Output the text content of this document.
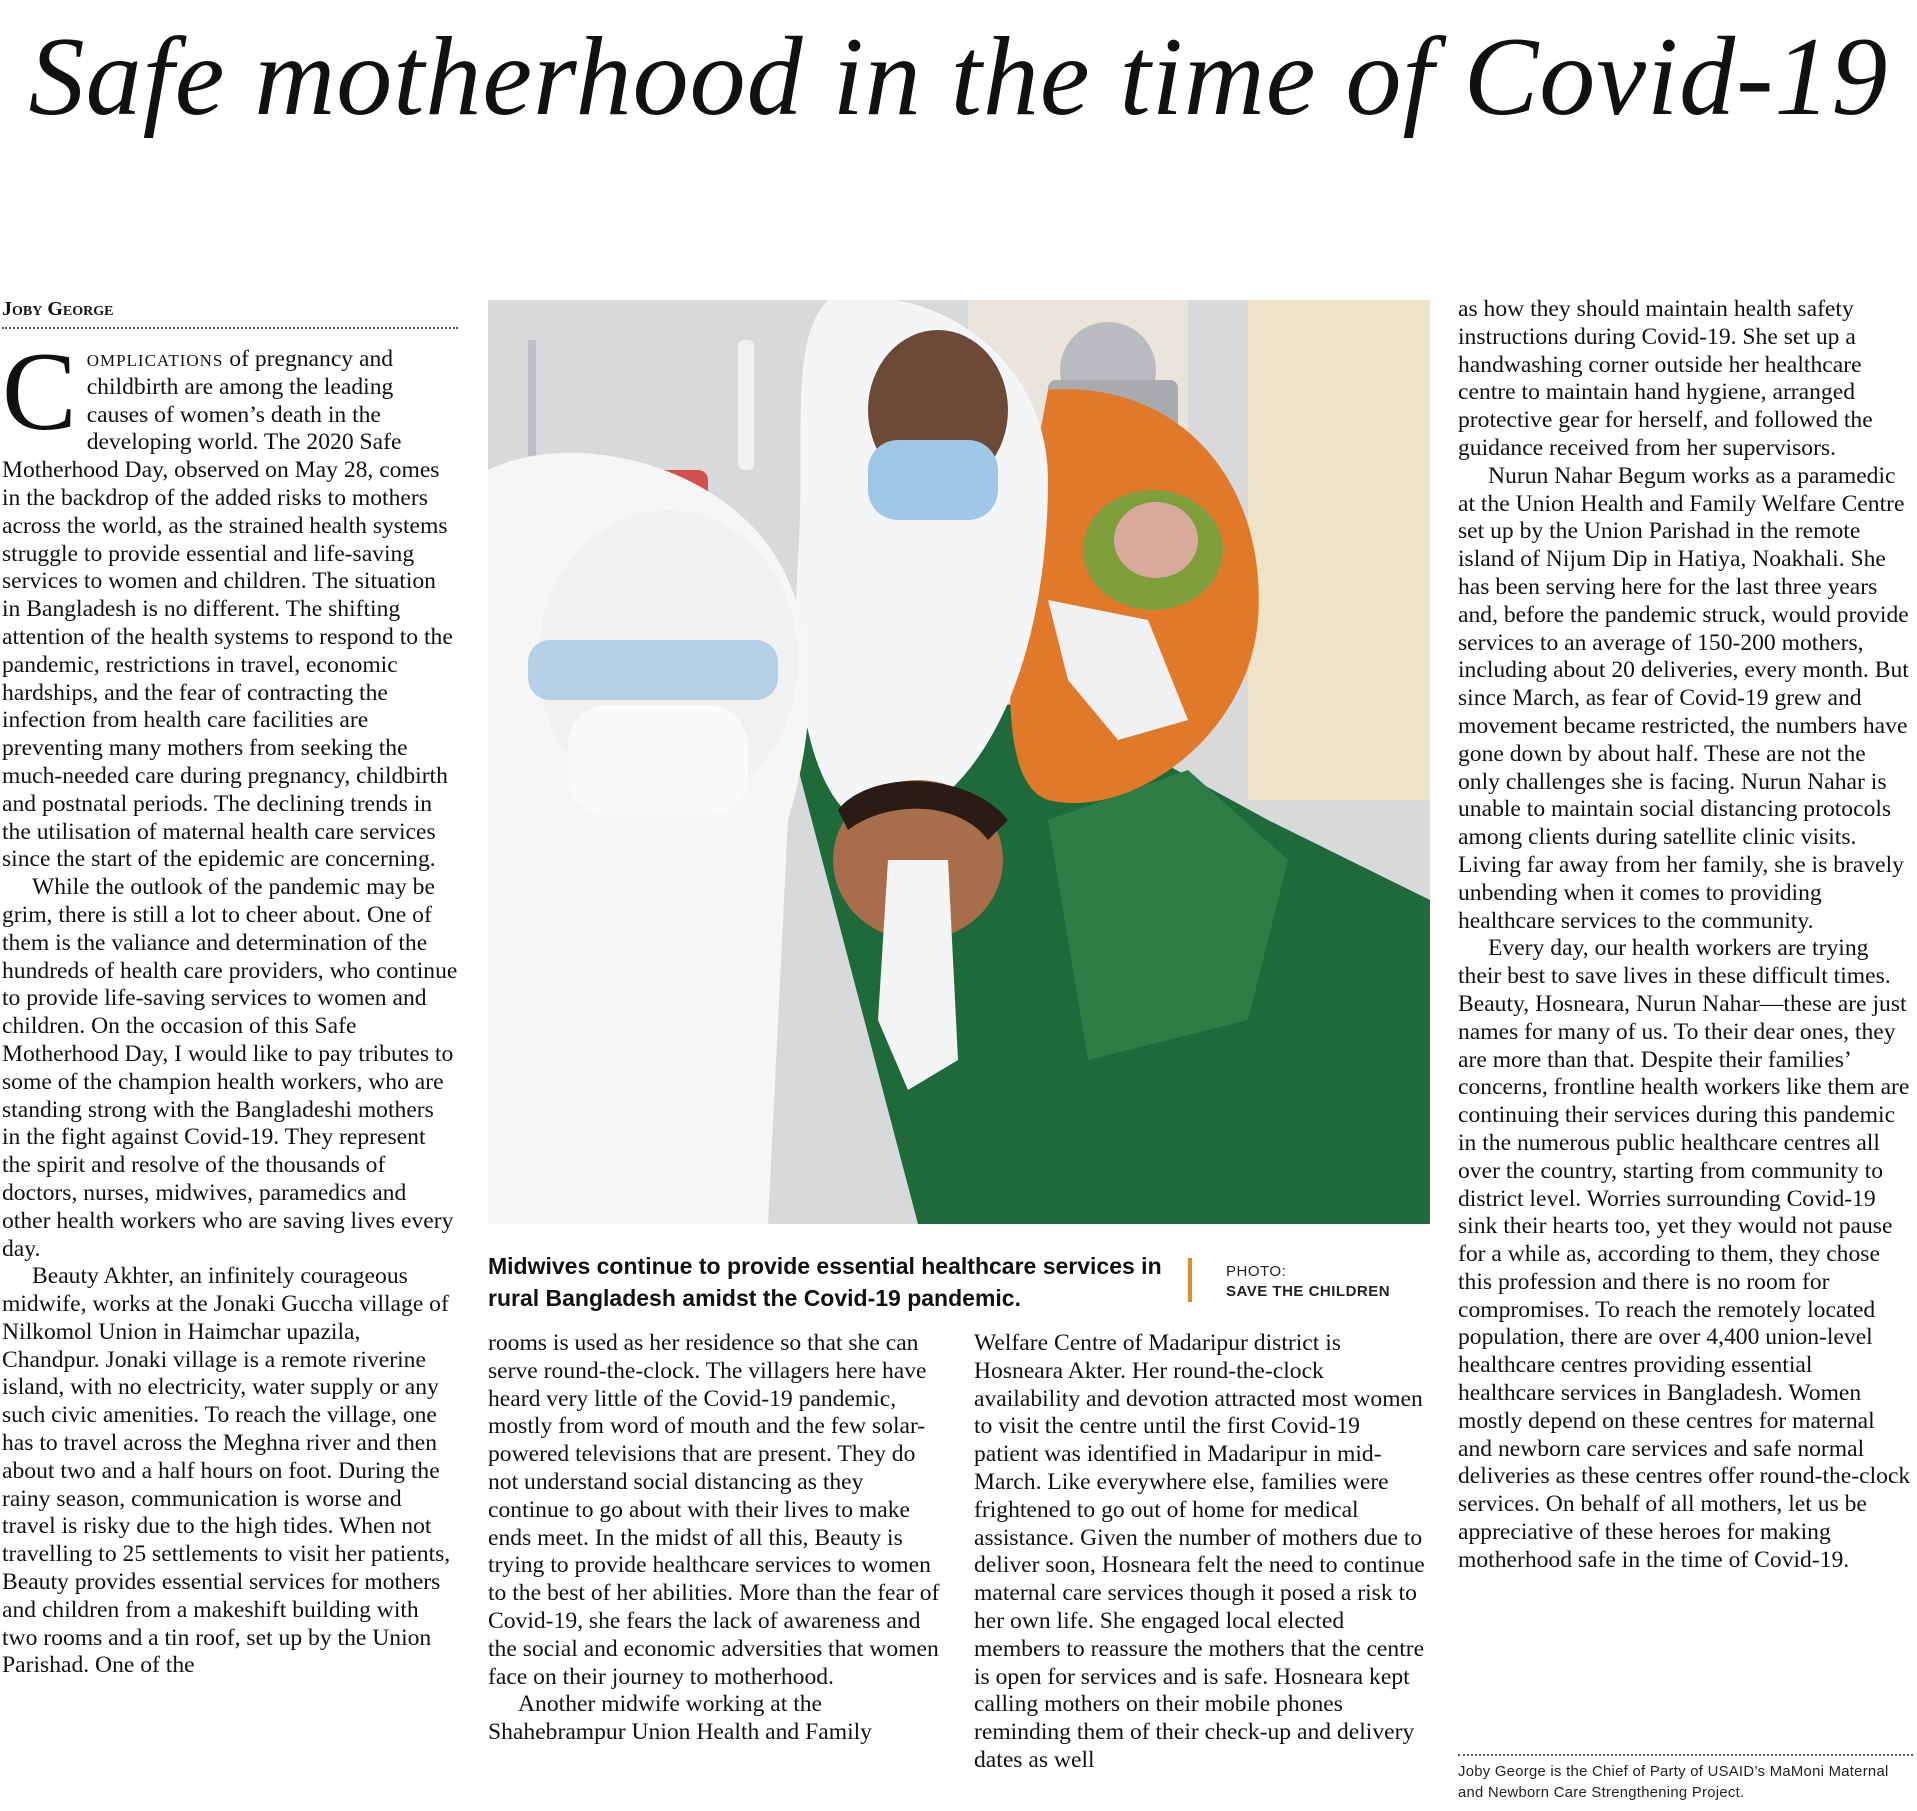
Safe motherhood in the time of Covid-19
Joby George

Complications of pregnancy and childbirth are among the leading causes of women’s death in the developing world. The 2020 Safe Motherhood Day, observed on May 28, comes in the backdrop of the added risks to mothers across the world, as the strained health systems struggle to provide essential and life-saving services to women and children. The situation in Bangladesh is no different. The shifting attention of the health systems to respond to the pandemic, restrictions in travel, economic hardships, and the fear of contracting the infection from health care facilities are preventing many mothers from seeking the much-needed care during pregnancy, childbirth and postnatal periods. The declining trends in the utilisation of maternal health care services since the start of the epidemic are concerning.

While the outlook of the pandemic may be grim, there is still a lot to cheer about. One of them is the valiance and determination of the hundreds of health care providers, who continue to provide life-saving services to women and children. On the occasion of this Safe Motherhood Day, I would like to pay tributes to some of the champion health workers, who are standing strong with the Bangladeshi mothers in the fight against Covid-19. They represent the spirit and resolve of the thousands of doctors, nurses, midwives, paramedics and other health workers who are saving lives every day.

Beauty Akhter, an infinitely courageous midwife, works at the Jonaki Guccha village of Nilkomol Union in Haimchar upazila, Chandpur. Jonaki village is a remote riverine island, with no electricity, water supply or any such civic amenities. To reach the village, one has to travel across the Meghna river and then about two and a half hours on foot. During the rainy season, communication is worse and travel is risky due to the high tides. When not travelling to 25 settlements to visit her patients, Beauty provides essential services for mothers and children from a makeshift building with two rooms and a tin roof, set up by the Union Parishad. One of the

Midwives continue to provide essential healthcare services in rural Bangladesh amidst the Covid-19 pandemic.
PHOTO:
SAVE THE CHILDREN

rooms is used as her residence so that she can serve round-the-clock. The villagers here have heard very little of the Covid-19 pandemic, mostly from word of mouth and the few solar-powered televisions that are present. They do not understand social distancing as they continue to go about with their lives to make ends meet. In the midst of all this, Beauty is trying to provide healthcare services to women to the best of her abilities. More than the fear of Covid-19, she fears the lack of awareness and the social and economic adversities that women face on their journey to motherhood.

Another midwife working at the Shahebrampur Union Health and Family

Welfare Centre of Madaripur district is Hosneara Akter. Her round-the-clock availability and devotion attracted most women to visit the centre until the first Covid-19 patient was identified in Madaripur in mid-March. Like everywhere else, families were frightened to go out of home for medical assistance. Given the number of mothers due to deliver soon, Hosneara felt the need to continue maternal care services though it posed a risk to her own life. She engaged local elected members to reassure the mothers that the centre is open for services and is safe. Hosneara kept calling mothers on their mobile phones reminding them of their check-up and delivery dates as well

as how they should maintain health safety instructions during Covid-19. She set up a handwashing corner outside her healthcare centre to maintain hand hygiene, arranged protective gear for herself, and followed the guidance received from her supervisors.

Nurun Nahar Begum works as a paramedic at the Union Health and Family Welfare Centre set up by the Union Parishad in the remote island of Nijum Dip in Hatiya, Noakhali. She has been serving here for the last three years and, before the pandemic struck, would provide services to an average of 150-200 mothers, including about 20 deliveries, every month. But since March, as fear of Covid-19 grew and movement became restricted, the numbers have gone down by about half. These are not the only challenges she is facing. Nurun Nahar is unable to maintain social distancing protocols among clients during satellite clinic visits. Living far away from her family, she is bravely unbending when it comes to providing healthcare services to the community.

Every day, our health workers are trying their best to save lives in these difficult times. Beauty, Hosneara, Nurun Nahar—these are just names for many of us. To their dear ones, they are more than that. Despite their families’ concerns, frontline health workers like them are continuing their services during this pandemic in the numerous public healthcare centres all over the country, starting from community to district level. Worries surrounding Covid-19 sink their hearts too, yet they would not pause for a while as, according to them, they chose this profession and there is no room for compromises. To reach the remotely located population, there are over 4,400 union-level healthcare centres providing essential healthcare services in Bangladesh. Women mostly depend on these centres for maternal and newborn care services and safe normal deliveries as these centres offer round-the-clock services. On behalf of all mothers, let us be appreciative of these heroes for making motherhood safe in the time of Covid-19.

Joby George is the Chief of Party of USAID’s MaMoni Maternal and Newborn Care Strengthening Project.
